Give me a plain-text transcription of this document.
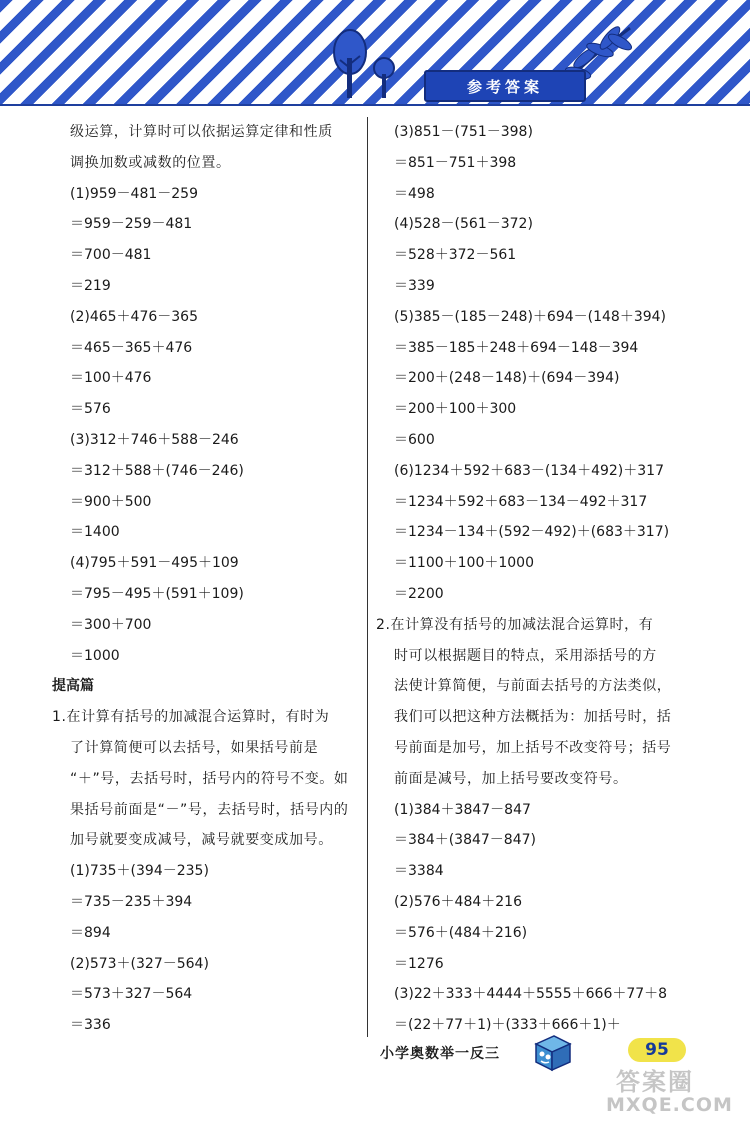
参考答案
级运算，计算时可以依据运算定律和性质
调换加数或减数的位置。
(1)959－481－259
＝959－259－481
＝700－481
＝219
(2)465＋476－365
＝465－365＋476
＝100＋476
＝576
(3)312＋746＋588－246
＝312＋588＋(746－246)
＝900＋500
＝1400
(4)795＋591－495＋109
＝795－495＋(591＋109)
＝300＋700
＝1000
提高篇
1.在计算有括号的加减混合运算时，有时为
了计算简便可以去括号，如果括号前是
“＋”号，去括号时，括号内的符号不变。如
果括号前面是“－”号，去括号时，括号内的
加号就要变成减号，减号就要变成加号。
(1)735＋(394－235)
＝735－235＋394
＝894
(2)573＋(327－564)
＝573＋327－564
＝336
(3)851－(751－398)
＝851－751＋398
＝498
(4)528－(561－372)
＝528＋372－561
＝339
(5)385－(185－248)＋694－(148＋394)
＝385－185＋248＋694－148－394
＝200＋(248－148)＋(694－394)
＝200＋100＋300
＝600
(6)1234＋592＋683－(134＋492)＋317
＝1234＋592＋683－134－492＋317
＝1234－134＋(592－492)＋(683＋317)
＝1100＋100＋1000
＝2200
2.在计算没有括号的加减法混合运算时，有
时可以根据题目的特点，采用添括号的方
法使计算简便，与前面去括号的方法类似，
我们可以把这种方法概括为：加括号时，括
号前面是加号，加上括号不改变符号；括号
前面是减号，加上括号要改变符号。
(1)384＋3847－847
＝384＋(3847－847)
＝3384
(2)576＋484＋216
＝576＋(484＋216)
＝1276
(3)22＋333＋4444＋5555＋666＋77＋8
＝(22＋77＋1)＋(333＋666＋1)＋
小学奥数举一反三	95
答案圈
MXQE.COM
